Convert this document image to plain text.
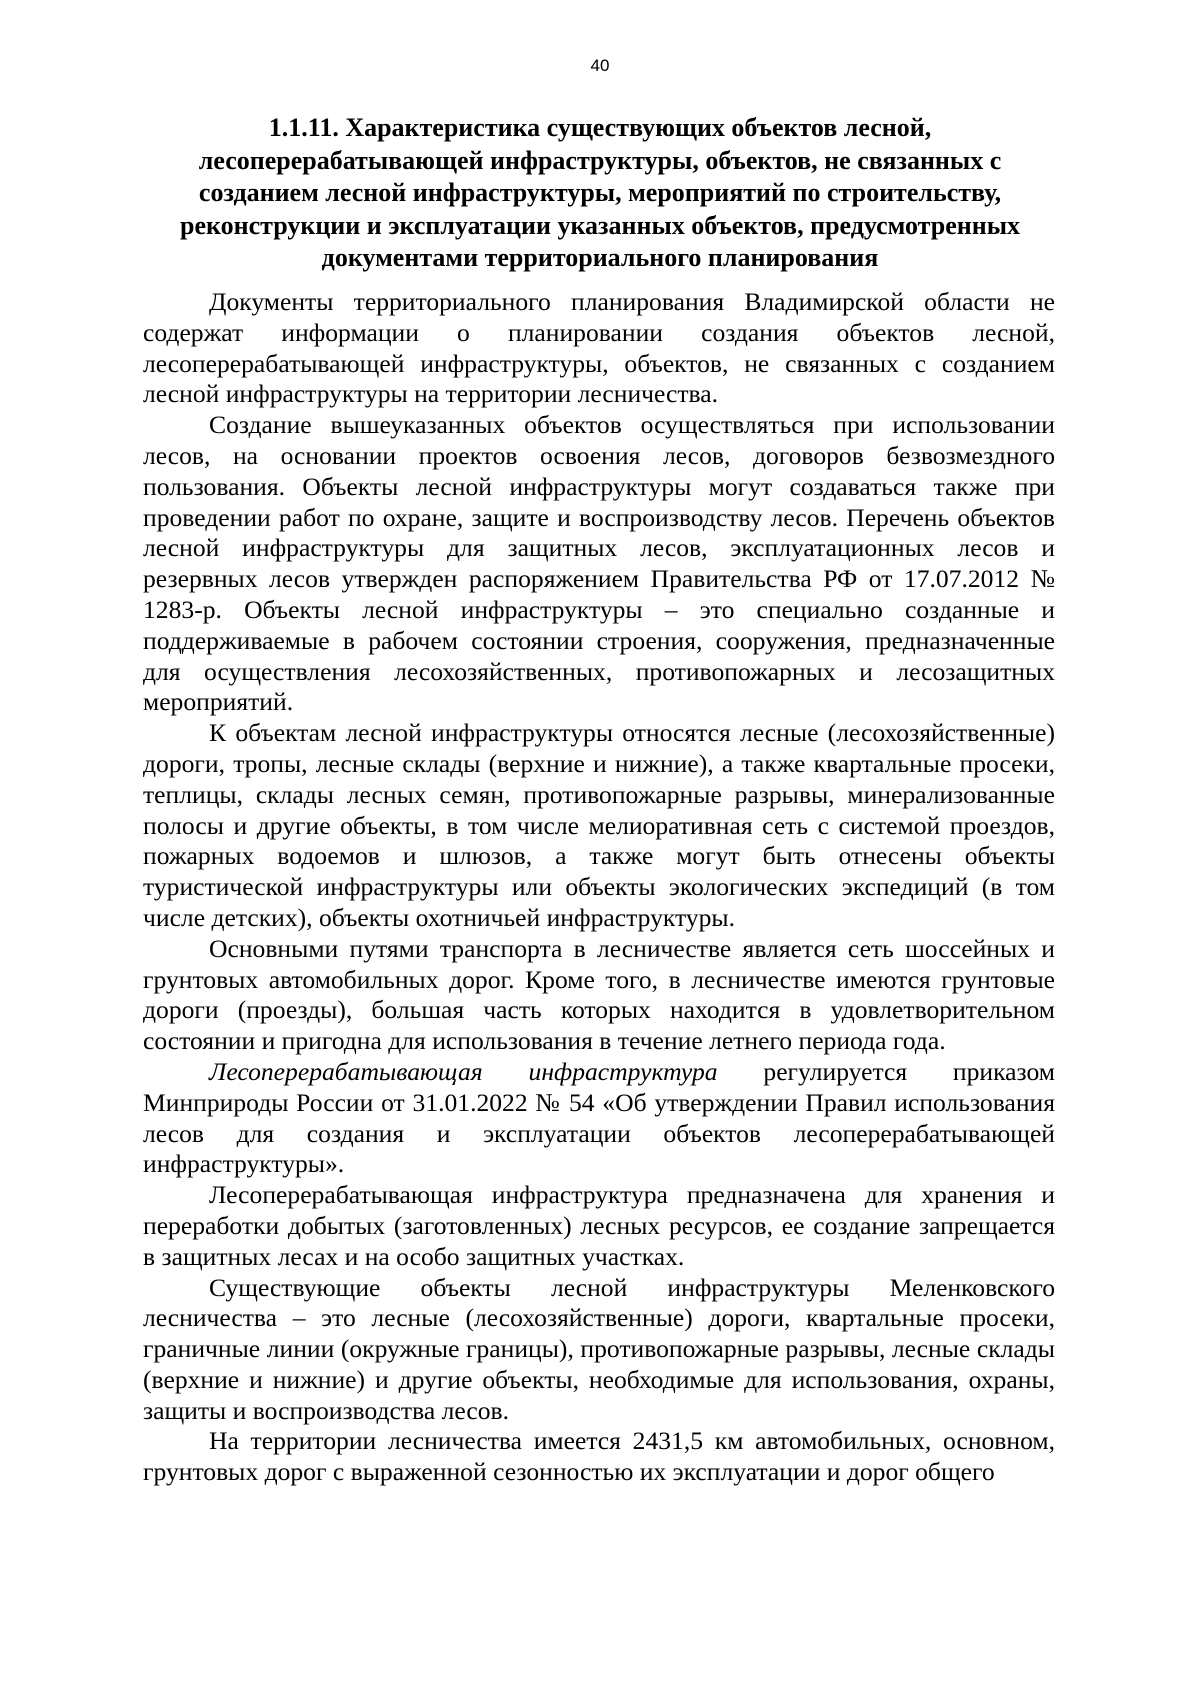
40
1.1.11. Характеристика существующих объектов лесной,
лесоперерабатывающей инфраструктуры, объектов, не связанных с
созданием лесной инфраструктуры, мероприятий по строительству,
реконструкции и эксплуатации указанных объектов, предусмотренных
документами территориального планирования

Документы территориального планирования Владимирской области не содержат информации о планировании создания объектов лесной, лесоперерабатывающей инфраструктуры, объектов, не связанных с созданием лесной инфраструктуры на территории лесничества.

Создание вышеуказанных объектов осуществляться при использовании лесов, на основании проектов освоения лесов, договоров безвозмездного пользования. Объекты лесной инфраструктуры могут создаваться также при проведении работ по охране, защите и воспроизводству лесов. Перечень объектов лесной инфраструктуры для защитных лесов, эксплуатационных лесов и резервных лесов утвержден распоряжением Правительства РФ от 17.07.2012 № 1283-р. Объекты лесной инфраструктуры – это специально созданные и поддерживаемые в рабочем состоянии строения, сооружения, предназначенные для осуществления лесохозяйственных, противопожарных и лесозащитных мероприятий.

К объектам лесной инфраструктуры относятся лесные (лесохозяйственные) дороги, тропы, лесные склады (верхние и нижние), а также квартальные просеки, теплицы, склады лесных семян, противопожарные разрывы, минерализованные полосы и другие объекты, в том числе мелиоративная сеть с системой проездов, пожарных водоемов и шлюзов, а также могут быть отнесены объекты туристической инфраструктуры или объекты экологических экспедиций (в том числе детских), объекты охотничьей инфраструктуры.

Основными путями транспорта в лесничестве является сеть шоссейных и грунтовых автомобильных дорог. Кроме того, в лесничестве имеются грунтовые дороги (проезды), большая часть которых находится в удовлетворительном состоянии и пригодна для использования в течение летнего периода года.

Лесоперерабатывающая инфраструктура регулируется приказом Минприроды России от 31.01.2022 № 54 «Об утверждении Правил использования лесов для создания и эксплуатации объектов лесоперерабатывающей инфраструктуры».

Лесоперерабатывающая инфраструктура предназначена для хранения и переработки добытых (заготовленных) лесных ресурсов, ее создание запрещается в защитных лесах и на особо защитных участках.

Существующие объекты лесной инфраструктуры Меленковского лесничества – это лесные (лесохозяйственные) дороги, квартальные просеки, граничные линии (окружные границы), противопожарные разрывы, лесные склады (верхние и нижние) и другие объекты, необходимые для использования, охраны, защиты и воспроизводства лесов.

На территории лесничества имеется 2431,5 км автомобильных, основном, грунтовых дорог с выраженной сезонностью их эксплуатации и дорог общего
